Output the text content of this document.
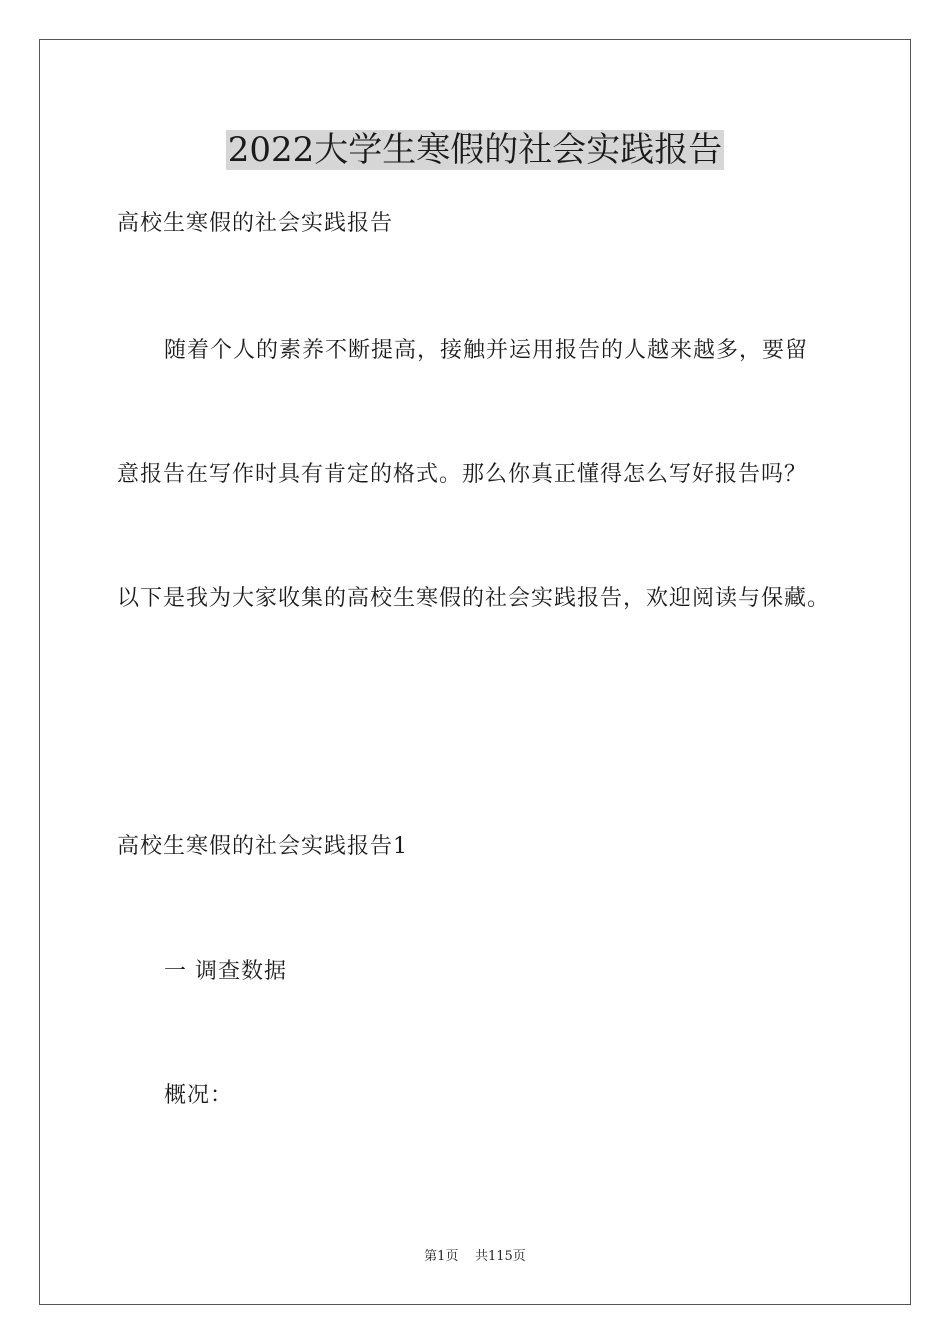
2022大学生寒假的社会实践报告

高校生寒假的社会实践报告

随着个人的素养不断提高，接触并运用报告的人越来越多，要留

意报告在写作时具有肯定的格式。那么你真正懂得怎么写好报告吗？

以下是我为大家收集的高校生寒假的社会实践报告，欢迎阅读与保藏。

高校生寒假的社会实践报告1

一 调查数据

概况：

第1页 共115页
